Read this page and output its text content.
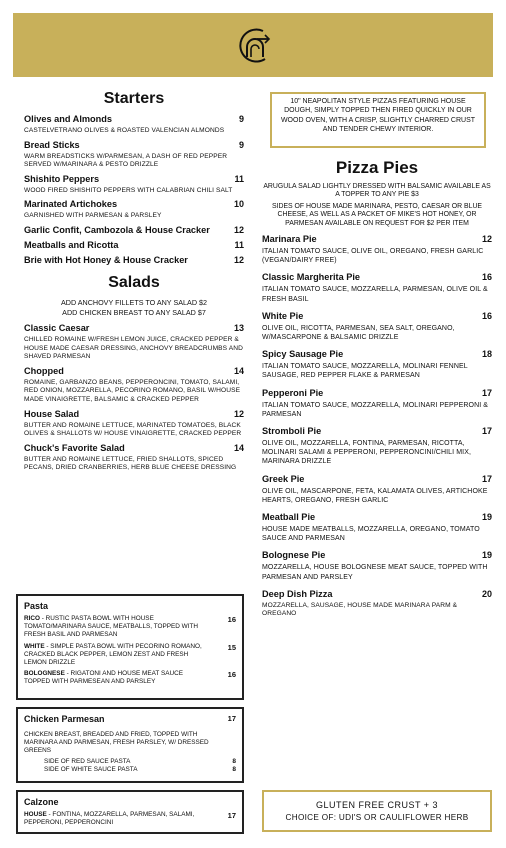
Starters
Olives and Almonds	9
CASTELVETRANO OLIVES & ROASTED VALENCIAN ALMONDS
Bread Sticks	9
WARM BREADSTICKS W/PARMESAN, A DASH OF RED PEPPER SERVED W/MARINARA & PESTO DRIZZLE
Shishito Peppers	11
WOOD FIRED SHISHITO PEPPERS WITH CALABRIAN CHILI SALT
Marinated Artichokes	10
GARNISHED WITH PARMESAN & PARSLEY
Garlic Confit, Cambozola & House Cracker	12
Meatballs and Ricotta	11
Brie with Hot Honey & House Cracker	12
Salads
ADD ANCHOVY FILLETS TO ANY SALAD $2
ADD CHICKEN BREAST TO ANY SALAD $7
Classic Caesar	13
CHILLED ROMAINE W/FRESH LEMON JUICE, CRACKED PEPPER & HOUSE MADE CAESAR DRESSING, ANCHOVY BREADCRUMBS AND SHAVED PARMESAN
Chopped	14
ROMAINE, GARBANZO BEANS, PEPPERONCINI, TOMATO, SALAMI, RED ONION, MOZZARELLA, PECORINO ROMANO, BASIL W/HOUSE MADE VINAIGRETTE, BALSAMIC & CRACKED PEPPER
House Salad	12
BUTTER AND ROMAINE LETTUCE, MARINATED TOMATOES, BLACK OLIVES & SHALLOTS W/ HOUSE VINAIGRETTE, CRACKED PEPPER
Chuck's Favorite Salad	14
BUTTER AND ROMAINE LETTUCE, FRIED SHALLOTS, SPICED PECANS, DRIED CRANBERRIES, HERB BLUE CHEESE DRESSING
Pasta
RICO - RUSTIC PASTA BOWL WITH HOUSE TOMATO/MARINARA SAUCE, MEATBALLS, TOPPED WITH FRESH BASIL AND PARMESAN
16
WHITE - SIMPLE PASTA BOWL WITH PECORINO ROMANO, CRACKED BLACK PEPPER, LEMON ZEST AND FRESH LEMON DRIZZLE
15
BOLOGNESE - RIGATONI AND HOUSE MEAT SAUCE TOPPED WITH PARMESEAN AND PARSLEY
16
Chicken Parmesan	17
CHICKEN BREAST, BREADED AND FRIED, TOPPED WITH MARINARA AND PARMESAN, FRESH PARSLEY, W/ DRESSED GREENS
SIDE OF RED SAUCE PASTA	8
SIDE OF WHITE SAUCE PASTA	8
Calzone
HOUSE - FONTINA, MOZZARELLA, PARMESAN, SALAMI, PEPPERONI, PEPPERONCINI
17
10" NEAPOLITAN STYLE PIZZAS FEATURING HOUSE DOUGH, SIMPLY TOPPED THEN FIRED QUICKLY IN OUR WOOD OVEN, WITH A CRISP, SLIGHTLY CHARRED CRUST AND TENDER CHEWY INTERIOR.
Pizza Pies
ARUGULA SALAD LIGHTLY DRESSED WITH BALSAMIC AVAILABLE AS A TOPPER TO ANY PIE $3
SIDES OF HOUSE MADE MARINARA, PESTO, CAESAR OR BLUE CHEESE, AS WELL AS A PACKET OF MIKE'S HOT HONEY, OR PARMESAN AVAILABLE ON REQUEST FOR $2 PER ITEM
Marinara Pie	12
ITALIAN TOMATO SAUCE, OLIVE OIL, OREGANO, FRESH GARLIC (VEGAN/DAIRY FREE)
Classic Margherita Pie	16
ITALIAN TOMATO SAUCE, MOZZARELLA, PARMESAN, OLIVE OIL & FRESH BASIL
White Pie	16
OLIVE OIL, RICOTTA, PARMESAN, SEA SALT, OREGANO, W/MASCARPONE & BALSAMIC DRIZZLE
Spicy Sausage Pie	18
ITALIAN TOMATO SAUCE, MOZZARELLA, MOLINARI FENNEL SAUSAGE, RED PEPPER FLAKE & PARMESAN
Pepperoni Pie	17
ITALIAN TOMATO SAUCE, MOZZARELLA, MOLINARI PEPPERONI & PARMESAN
Stromboli Pie	17
OLIVE OIL, MOZZARELLA, FONTINA, PARMESAN, RICOTTA, MOLINARI SALAMI & PEPPERONI, PEPPERONCINI/CHILI MIX, MARINARA DRIZZLE
Greek Pie	17
OLIVE OIL, MASCARPONE, FETA, KALAMATA OLIVES, ARTICHOKE HEARTS, OREGANO, FRESH GARLIC
Meatball Pie	19
HOUSE MADE MEATBALLS, MOZZARELLA, OREGANO, TOMATO SAUCE AND PARMESAN
Bolognese Pie	19
MOZZARELLA, HOUSE BOLOGNESE MEAT SAUCE, TOPPED WITH PARMESAN AND PARSLEY
Deep Dish Pizza	20
MOZZARELLA, SAUSAGE, HOUSE MADE MARINARA PARM & OREGANO
GLUTEN FREE CRUST + 3
CHOICE OF: UDI'S OR CAULIFLOWER HERB
